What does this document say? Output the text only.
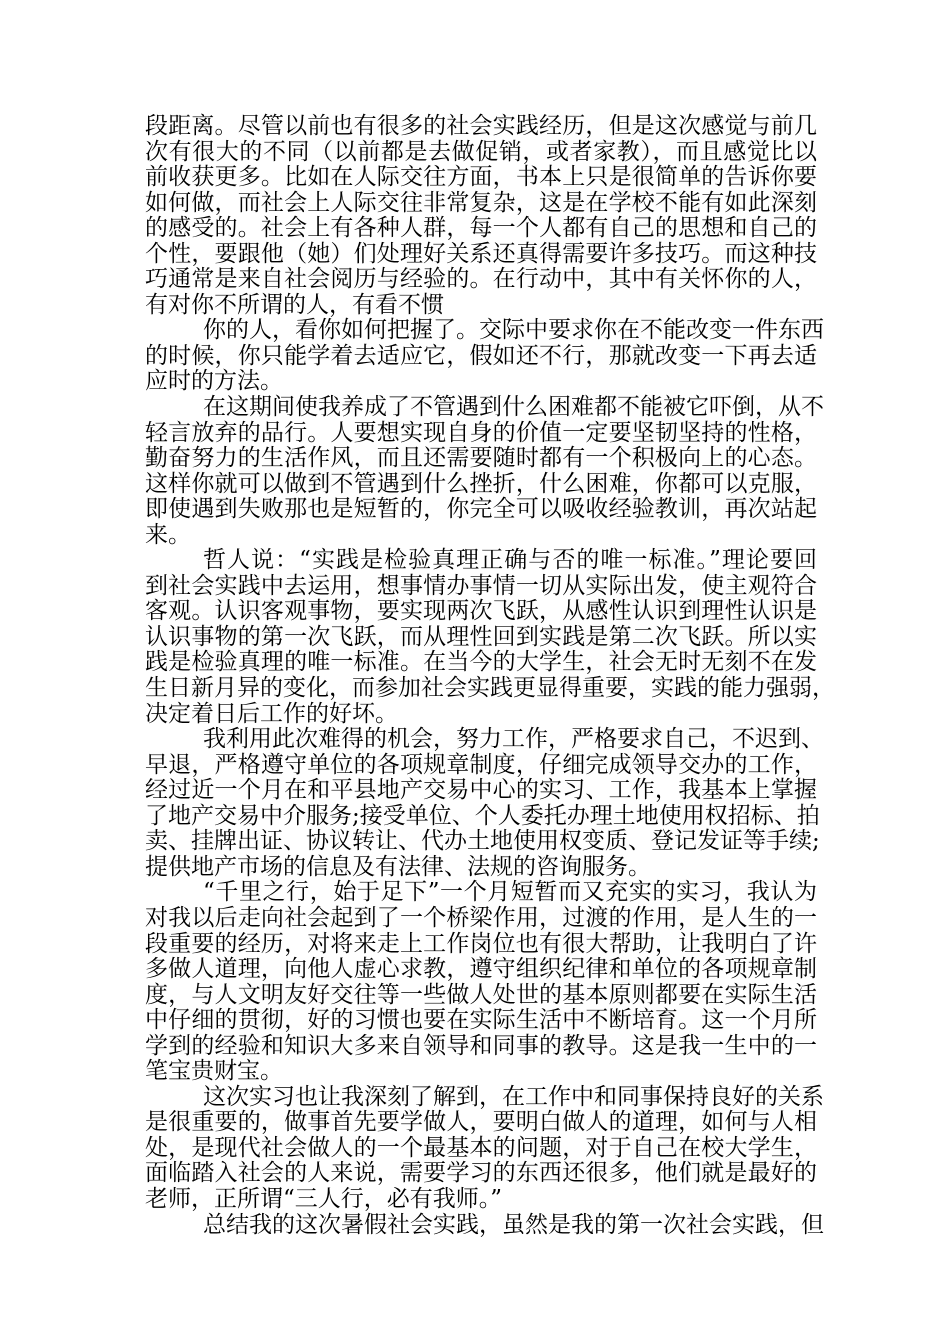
段距离。尽管以前也有很多的社会实践经历，但是这次感觉与前几
次有很大的不同（以前都是去做促销，或者家教），而且感觉比以
前收获更多。比如在人际交往方面，书本上只是很简单的告诉你要
如何做，而社会上人际交往非常复杂，这是在学校不能有如此深刻
的感受的。社会上有各种人群，每一个人都有自己的思想和自己的
个性，要跟他（她）们处理好关系还真得需要许多技巧。而这种技
巧通常是来自社会阅历与经验的。在行动中，其中有关怀你的人，
有对你不所谓的人，有看不惯
你的人，看你如何把握了。交际中要求你在不能改变一件东西
的时候，你只能学着去适应它，假如还不行，那就改变一下再去适
应时的方法。
在这期间使我养成了不管遇到什么困难都不能被它吓倒，从不
轻言放弃的品行。人要想实现自身的价值一定要坚韧坚持的性格，
勤奋努力的生活作风，而且还需要随时都有一个积极向上的心态。
这样你就可以做到不管遇到什么挫折，什么困难，你都可以克服，
即使遇到失败那也是短暂的，你完全可以吸收经验教训，再次站起
来。
哲人说：“实践是检验真理正确与否的唯一标准。”理论要回
到社会实践中去运用，想事情办事情一切从实际出发，使主观符合
客观。认识客观事物，要实现两次飞跃，从感性认识到理性认识是
认识事物的第一次飞跃，而从理性回到实践是第二次飞跃。所以实
践是检验真理的唯一标准。在当今的大学生，社会无时无刻不在发
生日新月异的变化，而参加社会实践更显得重要，实践的能力强弱，
决定着日后工作的好坏。
我利用此次难得的机会，努力工作，严格要求自己，不迟到、
早退，严格遵守单位的各项规章制度，仔细完成领导交办的工作，
经过近一个月在和平县地产交易中心的实习、工作，我基本上掌握
了地产交易中介服务;接受单位、个人委托办理土地使用权招标、拍
卖、挂牌出证、协议转让、代办土地使用权变质、登记发证等手续;
提供地产市场的信息及有法律、法规的咨询服务。
“千里之行，始于足下”一个月短暂而又充实的实习，我认为
对我以后走向社会起到了一个桥梁作用，过渡的作用，是人生的一
段重要的经历，对将来走上工作岗位也有很大帮助，让我明白了许
多做人道理，向他人虚心求教，遵守组织纪律和单位的各项规章制
度，与人文明友好交往等一些做人处世的基本原则都要在实际生活
中仔细的贯彻，好的习惯也要在实际生活中不断培育。这一个月所
学到的经验和知识大多来自领导和同事的教导。这是我一生中的一
笔宝贵财宝。
这次实习也让我深刻了解到，在工作中和同事保持良好的关系
是很重要的，做事首先要学做人，要明白做人的道理，如何与人相
处，是现代社会做人的一个最基本的问题，对于自己在校大学生，
面临踏入社会的人来说，需要学习的东西还很多，他们就是最好的
老师，正所谓“三人行，必有我师。”
总结我的这次暑假社会实践，虽然是我的第一次社会实践，但
